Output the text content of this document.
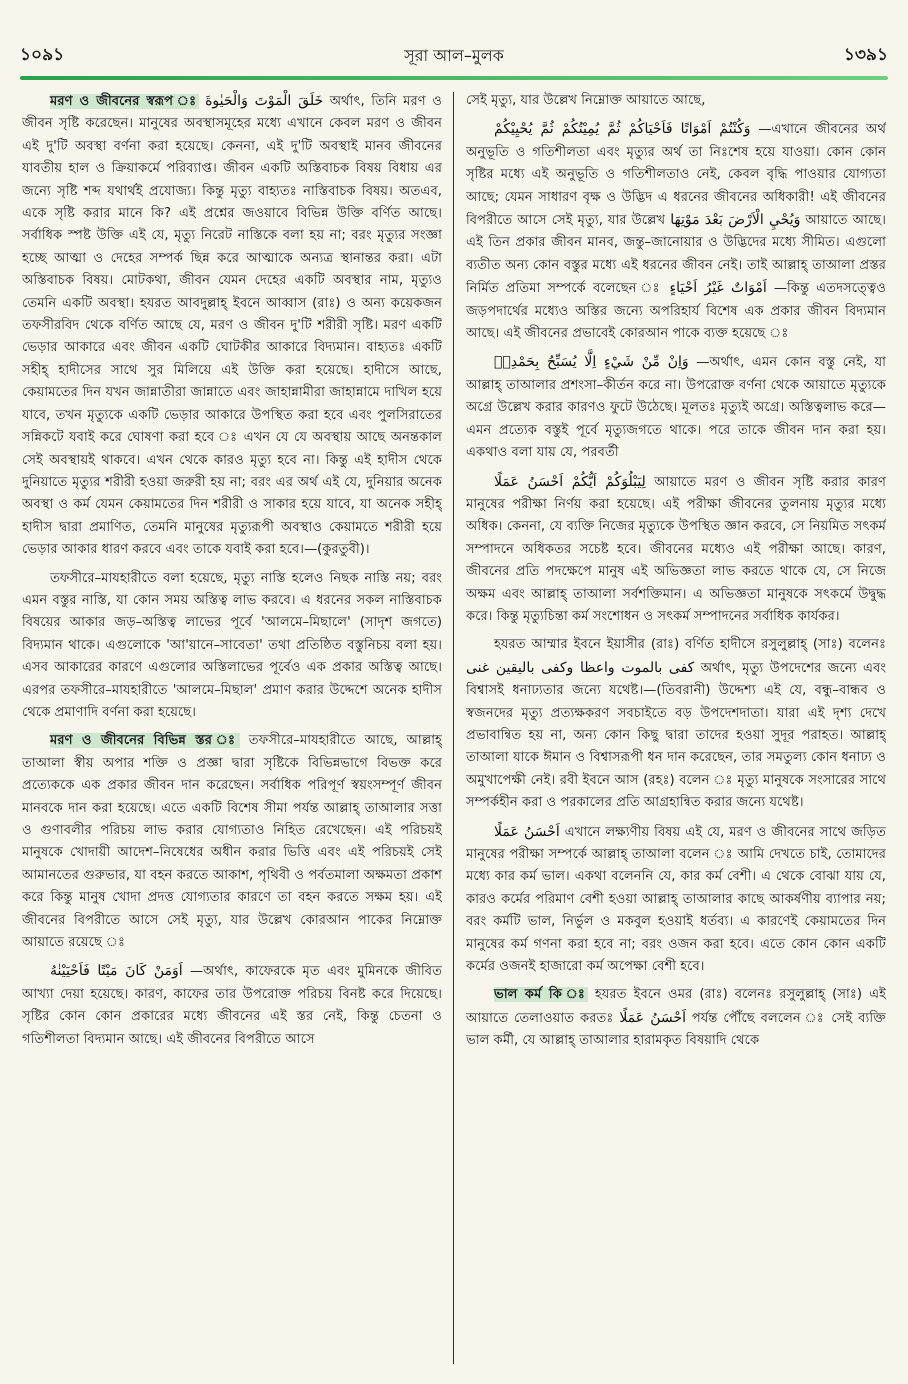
১০৯১	সূরা আল–মুলক	১৩৯১

মরণ ও জীবনের স্বরূপ ঃ خَلَقَ الْمَوْتَ وَالْحَيٰوةَ অর্থাৎ, তিনি মরণ ও জীবন সৃষ্টি করেছেন। মানুষের অবস্থাসমূহের মধ্যে এখানে কেবল মরণ ও জীবন এই দু'টি অবস্থা বর্ণনা করা হয়েছে। কেননা, এই দু'টি অবস্থাই মানব জীবনের যাবতীয় হাল ও ক্রিয়াকর্মে পরিব্যাপ্ত। জীবন একটি অস্তিবাচক বিষয় বিধায় এর জন্যে সৃষ্টি শব্দ যথার্থই প্রযোজ্য। কিন্তু মৃত্যু বাহ্যতঃ নাস্তিবাচক বিষয়। অতএব, একে সৃষ্টি করার মানে কি? এই প্রশ্নের জওয়াবে বিভিন্ন উক্তি বর্ণিত আছে। সর্বাধিক স্পষ্ট উক্তি এই যে, মৃত্যু নিরেট নাস্তিকে বলা হয় না; বরং মৃত্যুর সংজ্ঞা হচ্ছে আত্মা ও দেহের সম্পর্ক ছিন্ন করে আত্মাকে অন্যত্র স্থানান্তর করা। এটা অস্তিবাচক বিষয়। মোটকথা, জীবন যেমন দেহের একটি অবস্থার নাম, মৃত্যুও তেমনি একটি অবস্থা। হযরত আবদুল্লাহ্ ইবনে আব্বাস (রাঃ) ও অন্য কয়েকজন তফসীরবিদ থেকে বর্ণিত আছে যে, মরণ ও জীবন দু'টি শরীরী সৃষ্টি। মরণ একটি ভেড়ার আকারে এবং জীবন একটি ঘোটকীর আকারে বিদ্যমান। বাহ্যতঃ একটি সহীহ্ হাদীসের সাথে সুর মিলিয়ে এই উক্তি করা হয়েছে। হাদীসে আছে, কেয়ামতের দিন যখন জান্নাতীরা জান্নাতে এবং জাহান্নামীরা জাহান্নামে দাখিল হয়ে যাবে, তখন মৃত্যুকে একটি ভেড়ার আকারে উপস্থিত করা হবে এবং পুলসিরাতের সন্নিকটে যবাই করে ঘোষণা করা হবে ঃ এখন যে যে অবস্থায় আছে অনন্তকাল সেই অবস্থায়ই থাকবে। এখন থেকে কারও মৃত্যু হবে না। কিন্তু এই হাদীস থেকে দুনিয়াতে মৃত্যুর শরীরী হওয়া জরুরী হয় না; বরং এর অর্থ এই যে, দুনিয়ার অনেক অবস্থা ও কর্ম যেমন কেয়ামতের দিন শরীরী ও সাকার হয়ে যাবে, যা অনেক সহীহ্ হাদীস দ্বারা প্রমাণিত, তেমনি মানুষের মৃত্যুরূপী অবস্থাও কেয়ামতে শরীরী হয়ে ভেড়ার আকার ধারণ করবে এবং তাকে যবাই করা হবে।—(কুরতুবী)।

তফসীরে–মাযহারীতে বলা হয়েছে, মৃত্যু নাস্তি হলেও নিছক নাস্তি নয়; বরং এমন বস্তুর নাস্তি, যা কোন সময় অস্তিত্ব লাভ করবে। এ ধরনের সকল নাস্তিবাচক বিষয়ের আকার জড়–অস্তিত্ব লাভের পূর্বে 'আলমে–মিছালে' (সাদৃশ জগতে) বিদ্যমান থাকে। এগুলোকে 'আ'য়ানে–সাবেতা' তথা প্রতিষ্ঠিত বস্তুনিচয় বলা হয়। এসব আকারের কারণে এগুলোর অস্তিলাভের পূর্বেও এক প্রকার অস্তিত্ব আছে। এরপর তফসীরে–মাযহারীতে 'আলমে–মিছাল' প্রমাণ করার উদ্দেশে অনেক হাদীস থেকে প্রমাণাদি বর্ণনা করা হয়েছে।

মরণ ও জীবনের বিভিন্ন স্তর ঃ তফসীরে–মাযহারীতে আছে, আল্লাহ্ তাআলা স্বীয় অপার শক্তি ও প্রজ্ঞা দ্বারা সৃষ্টিকে বিভিন্নভাগে বিভক্ত করে প্রত্যেককে এক প্রকার জীবন দান করেছেন। সর্বাধিক পরিপূর্ণ স্বয়ংসম্পূর্ণ জীবন মানবকে দান করা হয়েছে। এতে একটি বিশেষ সীমা পর্যন্ত আল্লাহ্ তাআলার সত্তা ও গুণাবলীর পরিচয় লাভ করার যোগ্যতাও নিহিত রেখেছেন। এই পরিচয়ই মানুষকে খোদায়ী আদেশ–নিষেধের অধীন করার ভিত্তি এবং এই পরিচয়ই সেই আমানতের গুরুভার, যা বহন করতে আকাশ, পৃথিবী ও পর্বতমালা অক্ষমতা প্রকাশ করে কিন্তু মানুষ খোদা প্রদত্ত যোগ্যতার কারণে তা বহন করতে সক্ষম হয়। এই জীবনের বিপরীতে আসে সেই মৃত্যু, যার উল্লেখ কোরআন পাকের নিম্নোক্ত আয়াতে রয়েছে ঃ

اَوَمَنْ كَانَ مَيْتًا فَاَحْيَيْنٰهُ —অর্থাৎ, কাফেরকে মৃত এবং মুমিনকে জীবিত আখ্যা দেয়া হয়েছে। কারণ, কাফের তার উপরোক্ত পরিচয় বিনষ্ট করে দিয়েছে। সৃষ্টির কোন কোন প্রকারের মধ্যে জীবনের এই স্তর নেই, কিন্তু চেতনা ও গতিশীলতা বিদ্যমান আছে। এই জীবনের বিপরীতে আসে

সেই মৃত্যু, যার উল্লেখ নিম্নোক্ত আয়াতে আছে,

وَكُنْتُمْ اَمْوَاتًا فَاَحْيَاكُمْ ثُمَّ يُمِيْتُكُمْ ثُمَّ يُحْيِيْكُمْ —এখানে জীবনের অর্থ অনুভূতি ও গতিশীলতা এবং মৃত্যুর অর্থ তা নিঃশেষ হয়ে যাওয়া। কোন কোন সৃষ্টির মধ্যে এই অনুভূতি ও গতিশীলতাও নেই, কেবল বৃদ্ধি পাওয়ার যোগ্যতা আছে; যেমন সাধারণ বৃক্ষ ও উদ্ভিদ এ ধরনের জীবনের অধিকারী! এই জীবনের বিপরীতে আসে সেই মৃত্যু, যার উল্লেখ وَيُحْيِ الْاَرْضَ بَعْدَ مَوْتِهَا আয়াতে আছে। এই তিন প্রকার জীবন মানব, জন্তু–জানোয়ার ও উদ্ভিদের মধ্যে সীমিত। এগুলো ব্যতীত অন্য কোন বস্তুর মধ্যে এই ধরনের জীবন নেই। তাই আল্লাহ্ তাআলা প্রস্তর নির্মিত প্রতিমা সম্পর্কে বলেছেন ঃ اَمْوَاتٌ غَيْرُ اَحْيَاءٍ —কিন্তু এতদসত্ত্বেও জড়পদার্থের মধ্যেও অস্তির জন্যে অপরিহার্য বিশেষ এক প্রকার জীবন বিদ্যমান আছে। এই জীবনের প্রভাবেই কোরআন পাকে ব্যক্ত হয়েছে ঃ

وَاِنْ مِّنْ شَيْءٍ اِلَّا يُسَبِّحُ بِحَمْدِهٖ —অর্থাৎ, এমন কোন বস্তু নেই, যা আল্লাহ্ তাআলার প্রশংসা–কীর্তন করে না। উপরোক্ত বর্ণনা থেকে আয়াতে মৃত্যুকে অগ্রে উল্লেখ করার কারণও ফুটে উঠেছে। মূলতঃ মৃত্যুই অগ্রে। অস্তিত্বলাভ করে—এমন প্রত্যেক বস্তুই পূর্বে মৃত্যুজগতে থাকে। পরে তাকে জীবন দান করা হয়। একথাও বলা যায় যে, পরবর্তী

لِيَبْلُوَكُمْ اَيُّكُمْ اَحْسَنُ عَمَلًا আয়াতে মরণ ও জীবন সৃষ্টি করার কারণ মানুষের পরীক্ষা নির্ণয় করা হয়েছে। এই পরীক্ষা জীবনের তুলনায় মৃত্যুর মধ্যে অধিক। কেননা, যে ব্যক্তি নিজের মৃত্যুকে উপস্থিত জ্ঞান করবে, সে নিয়মিত সৎকর্ম সম্পাদনে অধিকতর সচেষ্ট হবে। জীবনের মধ্যেও এই পরীক্ষা আছে। কারণ, জীবনের প্রতি পদক্ষেপে মানুষ এই অভিজ্ঞতা লাভ করতে থাকে যে, সে নিজে অক্ষম এবং আল্লাহ্ তাআলা সর্বশক্তিমান। এ অভিজ্ঞতা মানুষকে সৎকর্মে উদ্বুদ্ধ করে। কিন্তু মৃত্যুচিন্তা কর্ম সংশোধন ও সৎকর্ম সম্পাদনের সর্বাধিক কার্যকর।

হযরত আম্মার ইবনে ইয়াসীর (রাঃ) বর্ণিত হাদীসে রসুলুল্লাহ্ (সাঃ) বলেনঃ كفى بالموت واعظا وكفى باليقين غنى অর্থাৎ, মৃত্যু উপদেশের জন্যে এবং বিশ্বাসই ধনাঢ্যতার জন্যে যথেষ্ট।—(তিবরানী) উদ্দেশ্য এই যে, বন্ধু–বান্ধব ও স্বজনদের মৃত্যু প্রত্যক্ষকরণ সবচাইতে বড় উপদেশদাতা। যারা এই দৃশ্য দেখে প্রভাবান্বিত হয় না, অন্য কোন কিছু দ্বারা তাদের হওয়া সুদূর পরাহত। আল্লাহ্ তাআলা যাকে ঈমান ও বিশ্বাসরূপী ধন দান করেছেন, তার সমতুল্য কোন ধনাঢ্য ও অমুখাপেক্ষী নেই। রবী ইবনে আস (রহঃ) বলেন ঃ মৃত্যু মানুষকে সংসারের সাথে সম্পর্কহীন করা ও পরকালের প্রতি আগ্রহান্বিত করার জন্যে যথেষ্ট।

اَحْسَنُ عَمَلًا এখানে লক্ষ্যণীয় বিষয় এই যে, মরণ ও জীবনের সাথে জড়িত মানুষের পরীক্ষা সম্পর্কে আল্লাহ্ তাআলা বলেন ঃ আমি দেখতে চাই, তোমাদের মধ্যে কার কর্ম ভাল। একথা বলেননি যে, কার কর্ম বেশী। এ থেকে বোঝা যায় যে, কারও কর্মের পরিমাণ বেশী হওয়া আল্লাহ্ তাআলার কাছে আকর্ষণীয় ব্যাপার নয়; বরং কর্মটি ভাল, নির্ভুল ও মকবুল হওয়াই ধর্তব্য। এ কারণেই কেয়ামতের দিন মানুষের কর্ম গণনা করা হবে না; বরং ওজন করা হবে। এতে কোন কোন একটি কর্মের ওজনই হাজারো কর্ম অপেক্ষা বেশী হবে।

ভাল কর্ম কি ঃ হযরত ইবনে ওমর (রাঃ) বলেনঃ রসুলুল্লাহ্ (সাঃ) এই আয়াতে তেলাওয়াত করতঃ اَحْسَنُ عَمَلًا পর্যন্ত পৌঁছে বললেন ঃ সেই ব্যক্তি ভাল কর্মী, যে আল্লাহ্ তাআলার হারামকৃত বিষয়াদি থেকে
